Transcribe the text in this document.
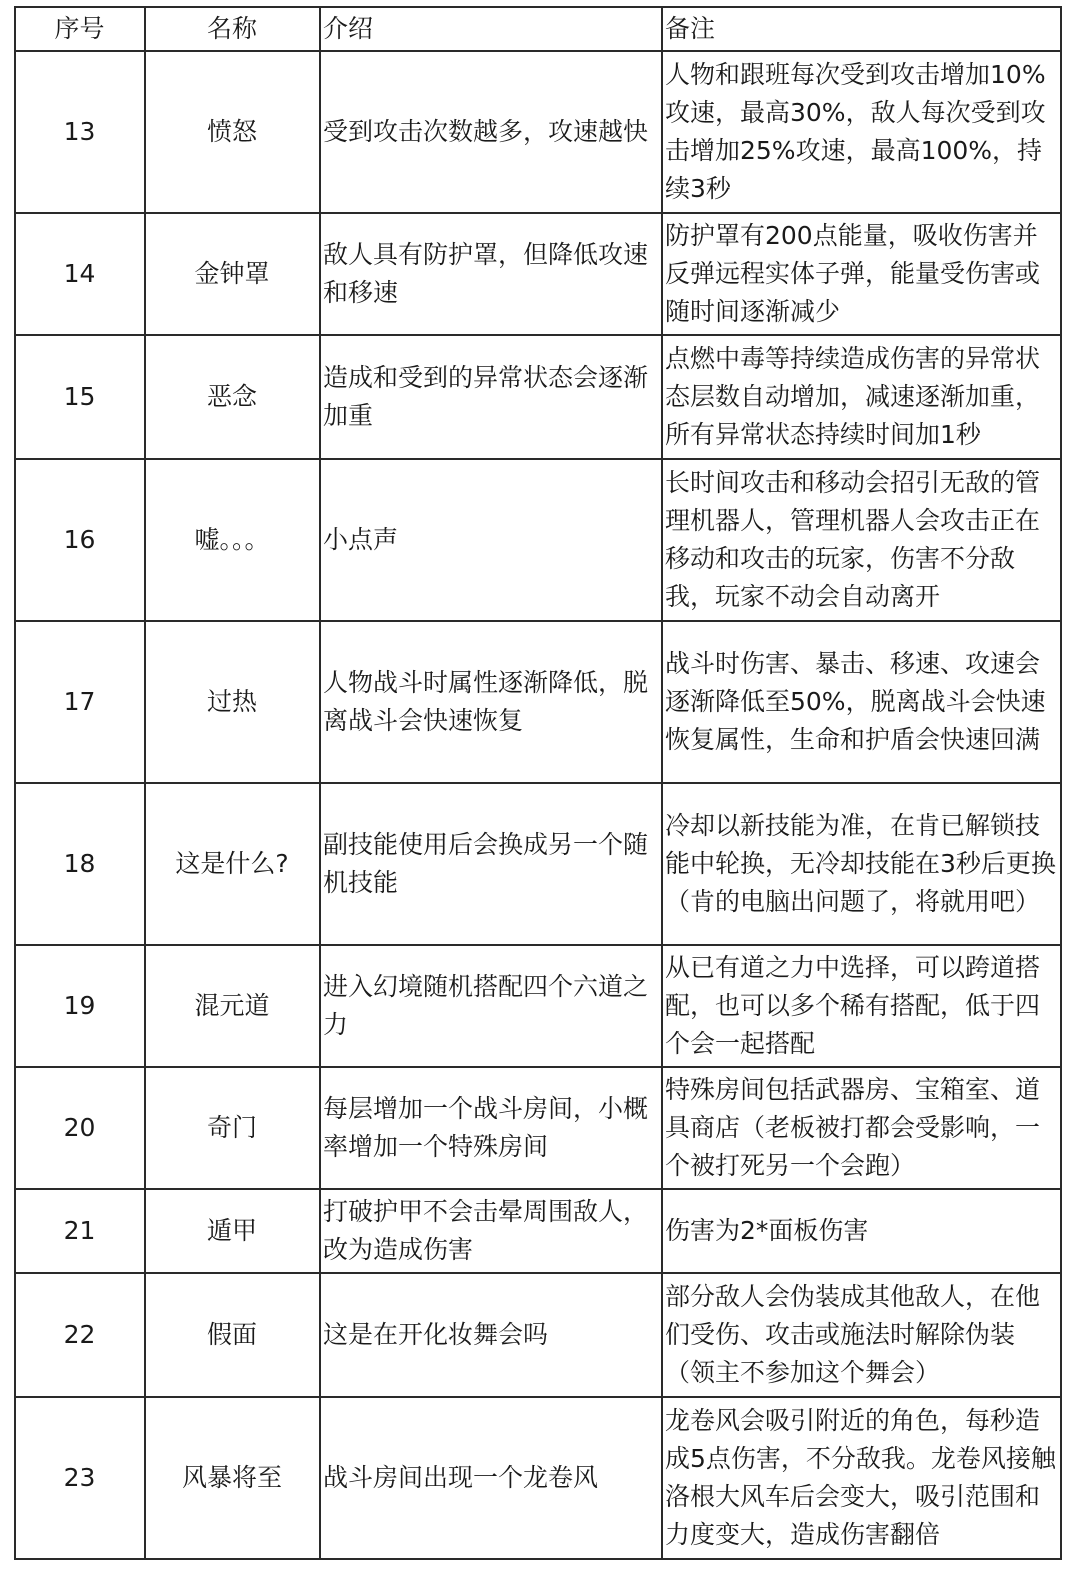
序号	名称	介绍	备注
13	愤怒	受到攻击次数越多，攻速越快	人物和跟班每次受到攻击增加10%攻速，最高30%，敌人每次受到攻击增加25%攻速，最高100%，持续3秒
14	金钟罩	敌人具有防护罩，但降低攻速和移速	防护罩有200点能量，吸收伤害并反弹远程实体子弹，能量受伤害或随时间逐渐减少
15	恶念	造成和受到的异常状态会逐渐加重	点燃中毒等持续造成伤害的异常状态层数自动增加，减速逐渐加重，所有异常状态持续时间加1秒
16	嘘。。。	小点声	长时间攻击和移动会招引无敌的管理机器人，管理机器人会攻击正在移动和攻击的玩家，伤害不分敌我，玩家不动会自动离开
17	过热	人物战斗时属性逐渐降低，脱离战斗会快速恢复	战斗时伤害、暴击、移速、攻速会逐渐降低至50%，脱离战斗会快速恢复属性，生命和护盾会快速回满
18	这是什么?	副技能使用后会换成另一个随机技能	冷却以新技能为准，在肯已解锁技能中轮换，无冷却技能在3秒后更换（肯的电脑出问题了，将就用吧）
19	混元道	进入幻境随机搭配四个六道之力	从已有道之力中选择，可以跨道搭配，也可以多个稀有搭配，低于四个会一起搭配
20	奇门	每层增加一个战斗房间，小概率增加一个特殊房间	特殊房间包括武器房、宝箱室、道具商店（老板被打都会受影响，一个被打死另一个会跑）
21	遁甲	打破护甲不会击晕周围敌人，改为造成伤害	伤害为2*面板伤害
22	假面	这是在开化妆舞会吗	部分敌人会伪装成其他敌人，在他们受伤、攻击或施法时解除伪装（领主不参加这个舞会）
23	风暴将至	战斗房间出现一个龙卷风	龙卷风会吸引附近的角色，每秒造成5点伤害，不分敌我。龙卷风接触洛根大风车后会变大，吸引范围和力度变大，造成伤害翻倍
